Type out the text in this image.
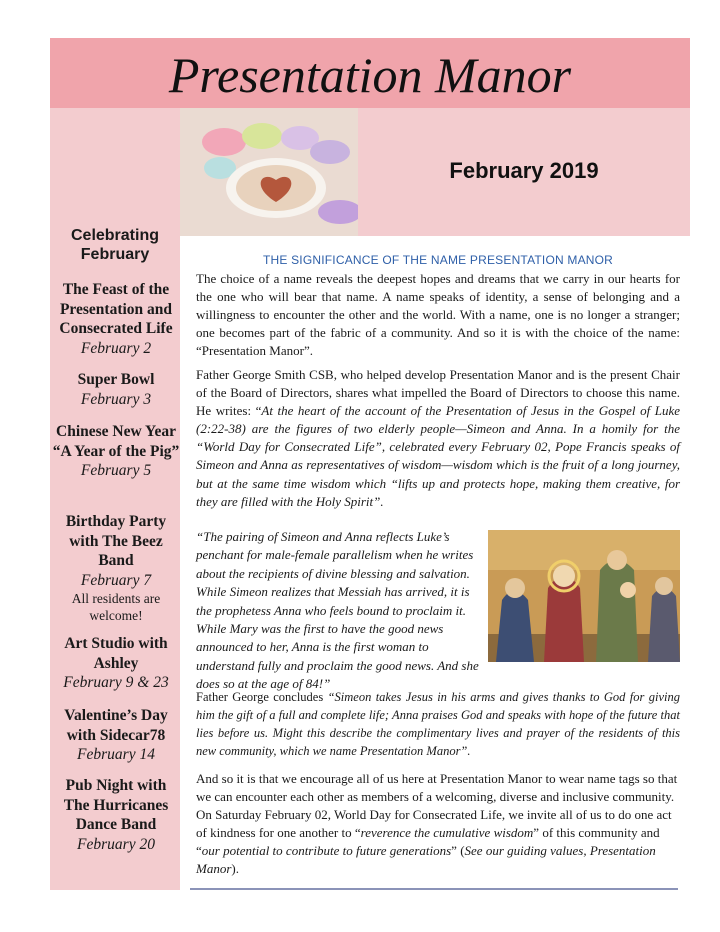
Presentation Manor
February 2019
Celebrating
February
The Feast of the Presentation and Consecrated Life
February 2
Super Bowl
February 3
Chinese New Year “A Year of the Pig”
February 5
Birthday Party with The Beez Band
February 7
All residents are welcome!
Art Studio with Ashley
February 9 & 23
Valentine’s Day with Sidecar78
February 14
Pub Night with The Hurricanes Dance Band
February 20
THE SIGNIFICANCE OF THE NAME PRESENTATION MANOR

The choice of a name reveals the deepest hopes and dreams that we carry in our hearts for the one who will bear that name. A name speaks of identity, a sense of belonging and a willingness to encounter the other and the world. With a name, one is no longer a stranger; one becomes part of the fabric of a community. And so it is with the choice of the name: “Presentation Manor”.

Father George Smith CSB, who helped develop Presentation Manor and is the present Chair of the Board of Directors, shares what impelled the Board of Directors to choose this name. He writes: “At the heart of the account of the Presentation of Jesus in the Gospel of Luke (2:22-38) are the figures of two elderly people—Simeon and Anna. In a homily for the “World Day for Consecrated Life”, celebrated every February 02, Pope Francis speaks of Simeon and Anna as representatives of wisdom—wisdom which is the fruit of a long journey, but at the same time wisdom which “lifts up and protects hope, making them creative, for they are filled with the Holy Spirit”.

“The pairing of Simeon and Anna reflects Luke’s penchant for male-female parallelism when he writes about the recipients of divine blessing and salvation. While Simeon realizes that Messiah has arrived, it is the prophetess Anna who feels bound to proclaim it. While Mary was the first to have the good news announced to her, Anna is the first woman to understand fully and proclaim the good news. And she does so at the age of 84!”

Father George concludes “Simeon takes Jesus in his arms and gives thanks to God for giving him the gift of a full and complete life; Anna praises God and speaks with hope of the future that lies before us. Might this describe the complimentary lives and prayer of the residents of this new community, which we name Presentation Manor”.

And so it is that we encourage all of us here at Presentation Manor to wear name tags so that we can encounter each other as members of a welcoming, diverse and inclusive community. On Saturday February 02, World Day for Consecrated Life, we invite all of us to do one act of kindness for one another to “reverence the cumulative wisdom” of this community and “our potential to contribute to future generations” (See our guiding values, Presentation Manor).
